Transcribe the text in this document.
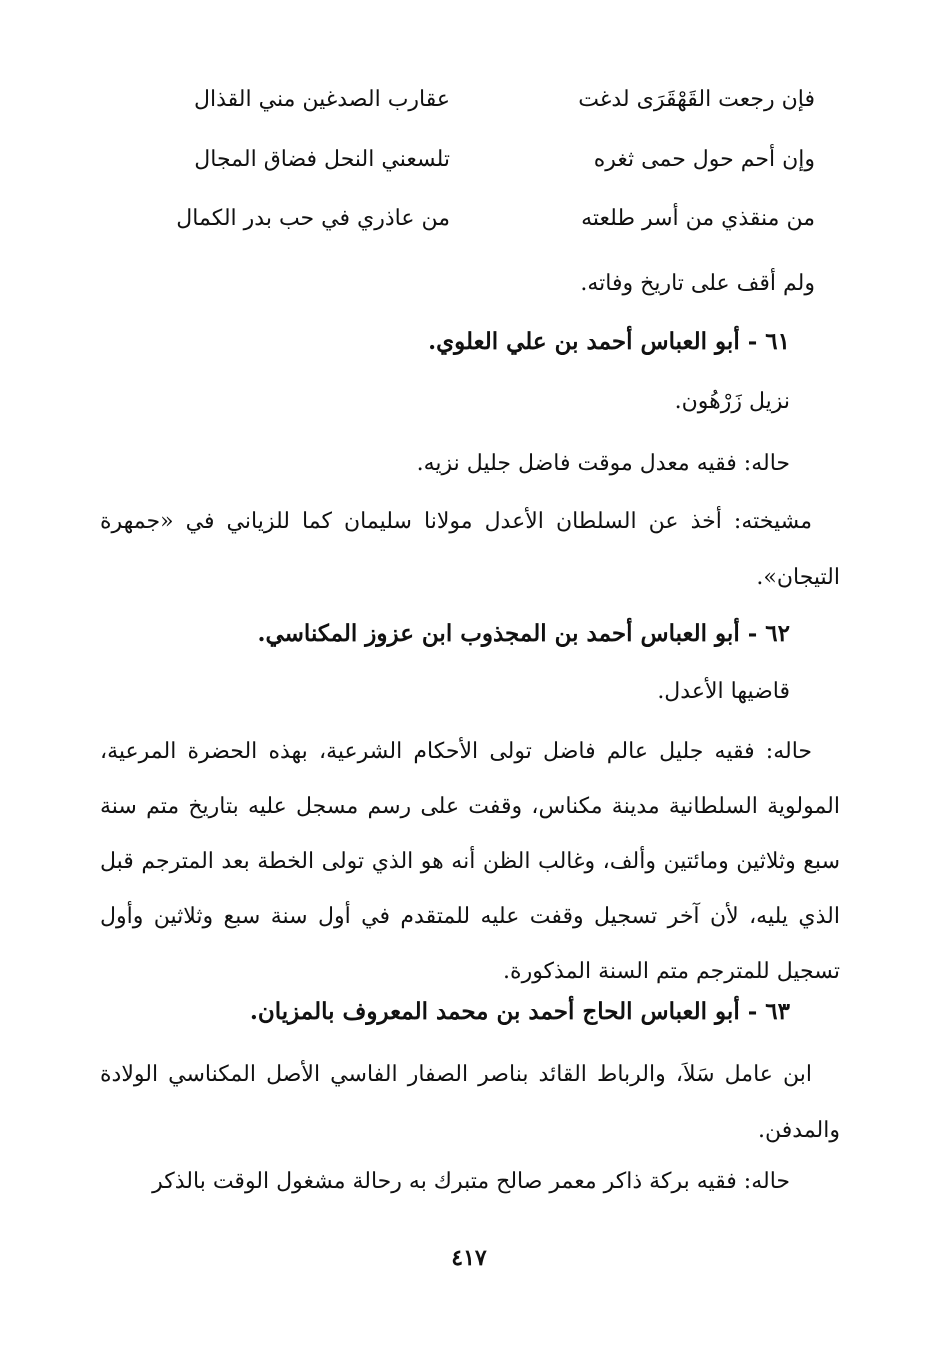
فإن رجعت القَهْقَرَى لدغت
عقارب الصدغين مني القذال
وإن أحم حول حمى ثغره
تلسعني النحل فضاق المجال
من منقذي من أسر طلعته
من عاذري في حب بدر الكمال
ولم أقف على تاريخ وفاته.
٦١ - أبو العباس أحمد بن علي العلوي.
نزيل زَرْهُون.
حاله: فقيه معدل موقت فاضل جليل نزيه.
مشيخته: أخذ عن السلطان الأعدل مولانا سليمان كما للزياني في «جمهرة التيجان».
٦٢ - أبو العباس أحمد بن المجذوب ابن عزوز المكناسي.
قاضيها الأعدل.
حاله: فقيه جليل عالم فاضل تولى الأحكام الشرعية، بهذه الحضرة المرعية، المولوية السلطانية مدينة مكناس، وقفت على رسم مسجل عليه بتاريخ متم سنة سبع وثلاثين ومائتين وألف، وغالب الظن أنه هو الذي تولى الخطة بعد المترجم قبل الذي يليه، لأن آخر تسجيل وقفت عليه للمتقدم في أول سنة سبع وثلاثين وأول تسجيل للمترجم متم السنة المذكورة.
٦٣ - أبو العباس الحاج أحمد بن محمد المعروف بالمزيان.
ابن عامل سَلاَ، والرباط القائد بناصر الصفار الفاسي الأصل المكناسي الولادة والمدفن.
حاله: فقيه بركة ذاكر معمر صالح متبرك به رحالة مشغول الوقت بالذكر
٤١٧
